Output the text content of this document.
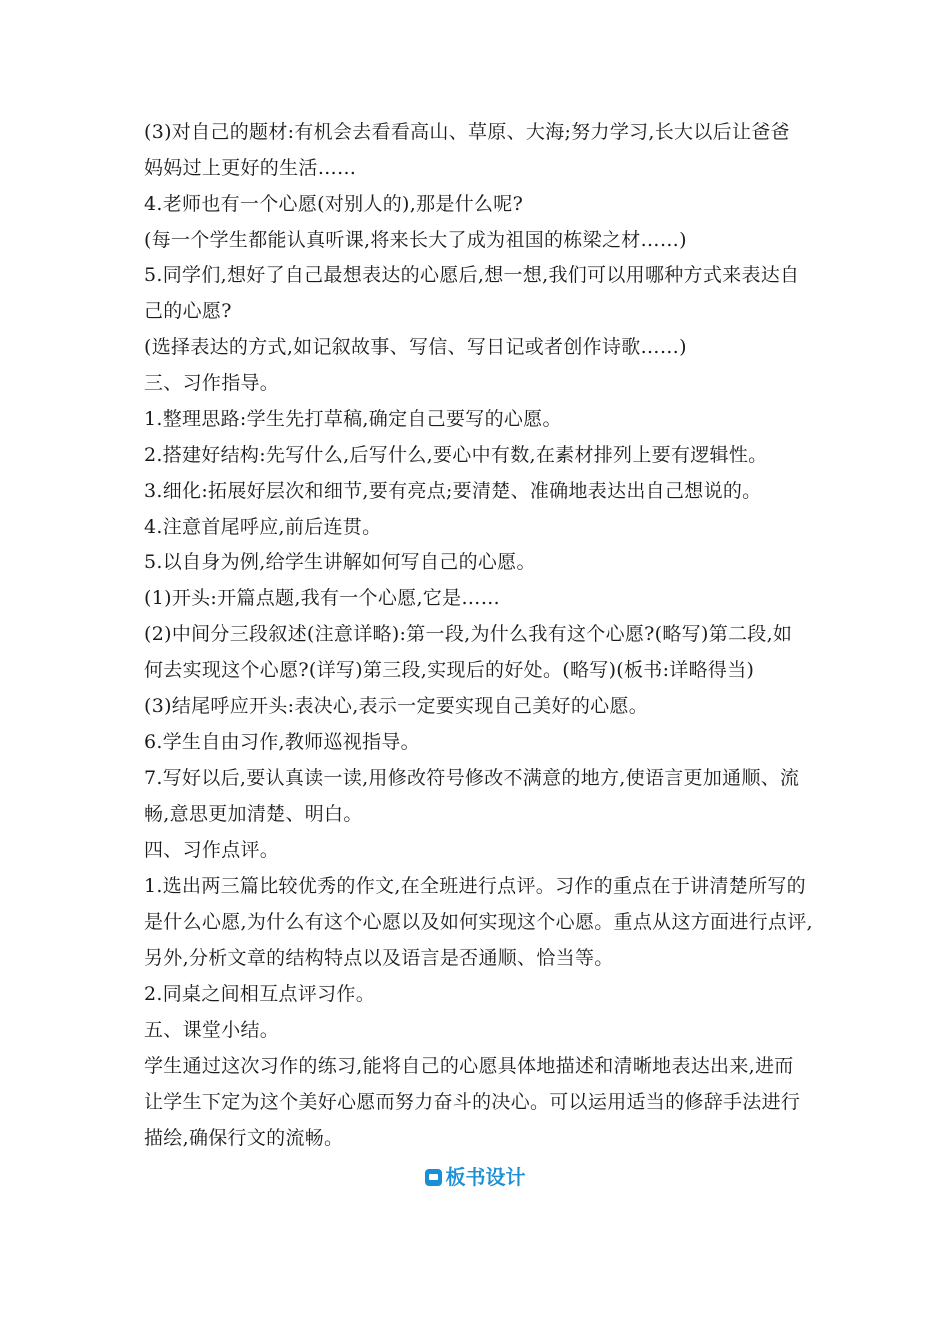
(3)对自己的题材:有机会去看看高山、草原、大海;努力学习,长大以后让爸爸
妈妈过上更好的生活……
4.老师也有一个心愿(对别人的),那是什么呢?
(每一个学生都能认真听课,将来长大了成为祖国的栋梁之材……)
5.同学们,想好了自己最想表达的心愿后,想一想,我们可以用哪种方式来表达自
己的心愿?
(选择表达的方式,如记叙故事、写信、写日记或者创作诗歌……)
三、习作指导。
1.整理思路:学生先打草稿,确定自己要写的心愿。
2.搭建好结构:先写什么,后写什么,要心中有数,在素材排列上要有逻辑性。
3.细化:拓展好层次和细节,要有亮点;要清楚、准确地表达出自己想说的。
4.注意首尾呼应,前后连贯。
5.以自身为例,给学生讲解如何写自己的心愿。
(1)开头:开篇点题,我有一个心愿,它是……
(2)中间分三段叙述(注意详略):第一段,为什么我有这个心愿?(略写)第二段,如
何去实现这个心愿?(详写)第三段,实现后的好处。(略写)(板书:详略得当)
(3)结尾呼应开头:表决心,表示一定要实现自己美好的心愿。
6.学生自由习作,教师巡视指导。
7.写好以后,要认真读一读,用修改符号修改不满意的地方,使语言更加通顺、流
畅,意思更加清楚、明白。
四、习作点评。
1.选出两三篇比较优秀的作文,在全班进行点评。习作的重点在于讲清楚所写的
是什么心愿,为什么有这个心愿以及如何实现这个心愿。重点从这方面进行点评,
另外,分析文章的结构特点以及语言是否通顺、恰当等。
2.同桌之间相互点评习作。
五、课堂小结。
学生通过这次习作的练习,能将自己的心愿具体地描述和清晰地表达出来,进而
让学生下定为这个美好心愿而努力奋斗的决心。可以运用适当的修辞手法进行
描绘,确保行文的流畅。
板书设计
